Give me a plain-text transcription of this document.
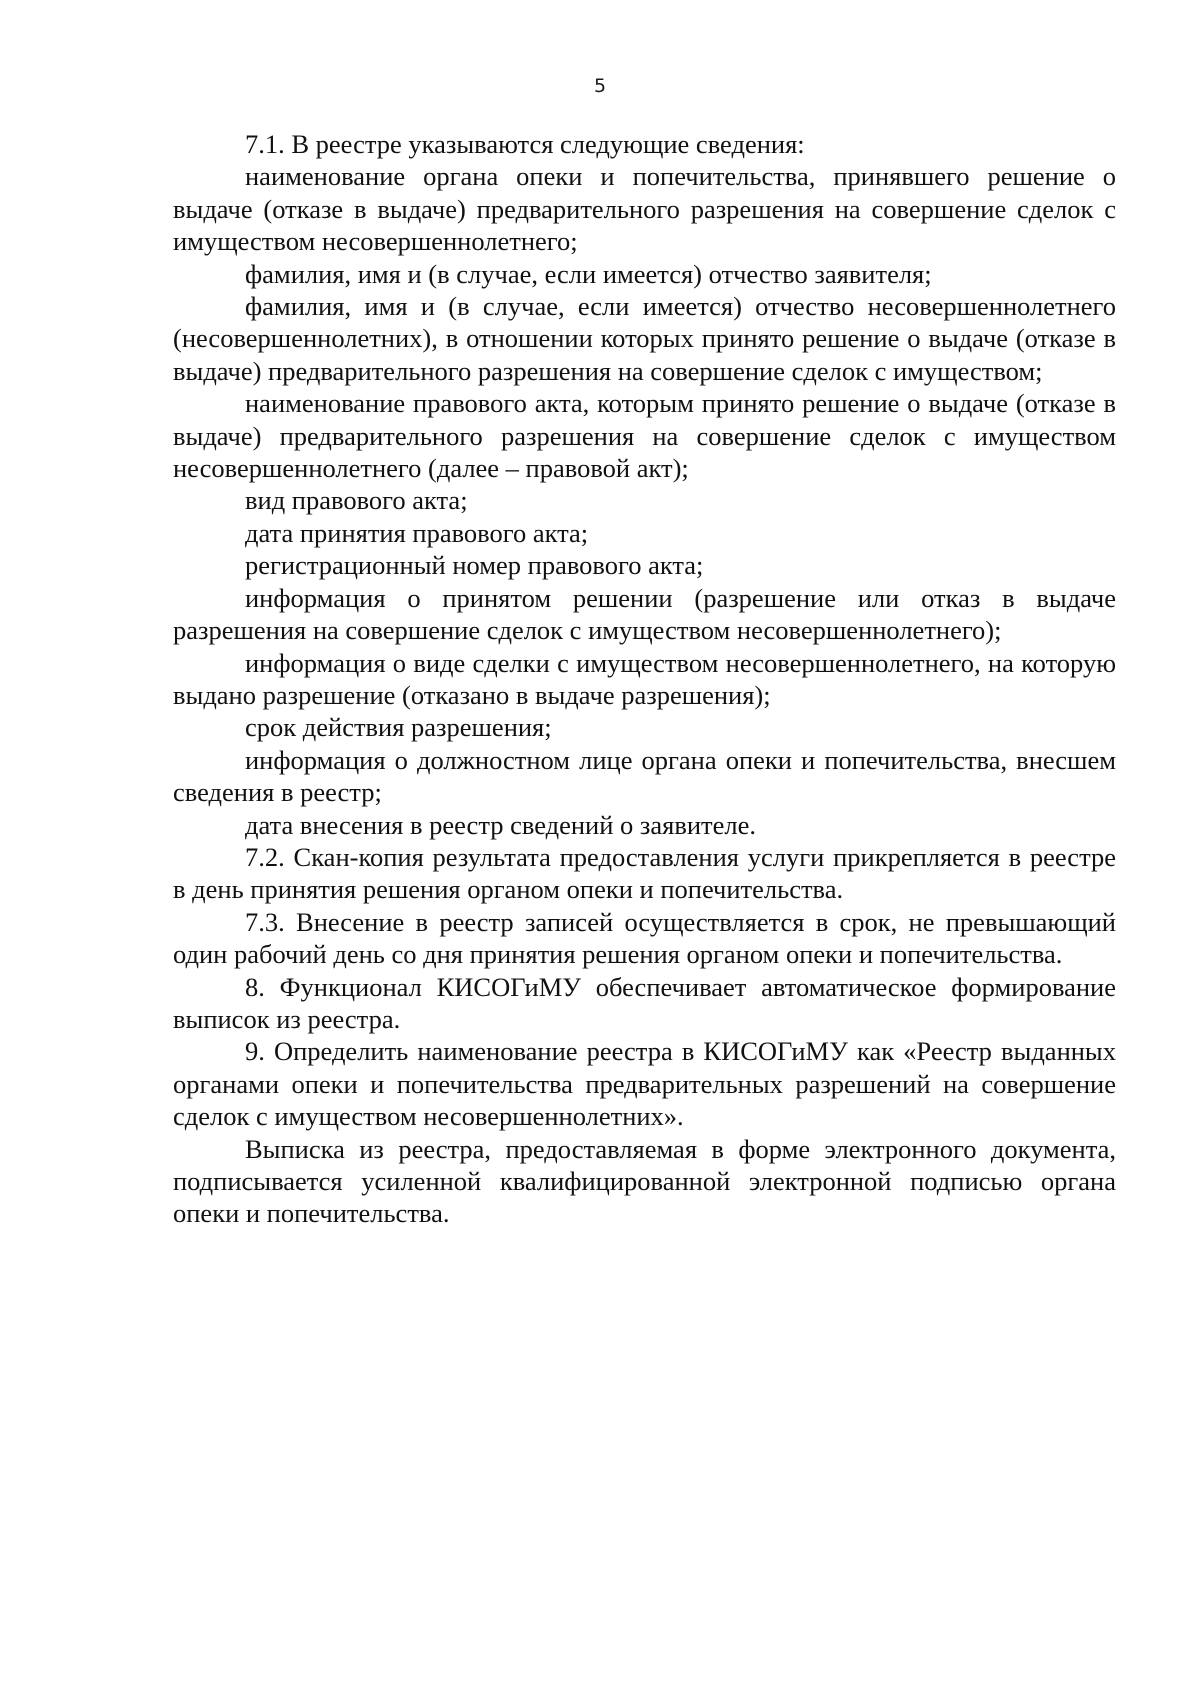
5

7.1. В реестре указываются следующие сведения:

наименование органа опеки и попечительства, принявшего решение о выдаче (отказе в выдаче) предварительного разрешения на совершение сделок с имуществом несовершеннолетнего;

фамилия, имя и (в случае, если имеется) отчество заявителя;

фамилия, имя и (в случае, если имеется) отчество несовершеннолетнего (несовершеннолетних), в отношении которых принято решение о выдаче (отказе в выдаче) предварительного разрешения на совершение сделок с имуществом;

наименование правового акта, которым принято решение о выдаче (отказе в выдаче) предварительного разрешения на совершение сделок с имуществом несовершеннолетнего (далее – правовой акт);

вид правового акта;

дата принятия правового акта;

регистрационный номер правового акта;

информация о принятом решении (разрешение или отказ в выдаче разрешения на совершение сделок с имуществом несовершеннолетнего);

информация о виде сделки с имуществом несовершеннолетнего, на которую выдано разрешение (отказано в выдаче разрешения);

срок действия разрешения;

информация о должностном лице органа опеки и попечительства, внесшем сведения в реестр;

дата внесения в реестр сведений о заявителе.

7.2. Скан-копия результата предоставления услуги прикрепляется в реестре в день принятия решения органом опеки и попечительства.

7.3. Внесение в реестр записей осуществляется в срок, не превышающий один рабочий день со дня принятия решения органом опеки и попечительства.

8. Функционал КИСОГиМУ обеспечивает автоматическое формирование выписок из реестра.

9. Определить наименование реестра в КИСОГиМУ как «Реестр выданных органами опеки и попечительства предварительных разрешений на совершение сделок с имуществом несовершеннолетних».

Выписка из реестра, предоставляемая в форме электронного документа, подписывается усиленной квалифицированной электронной подписью органа опеки и попечительства.
